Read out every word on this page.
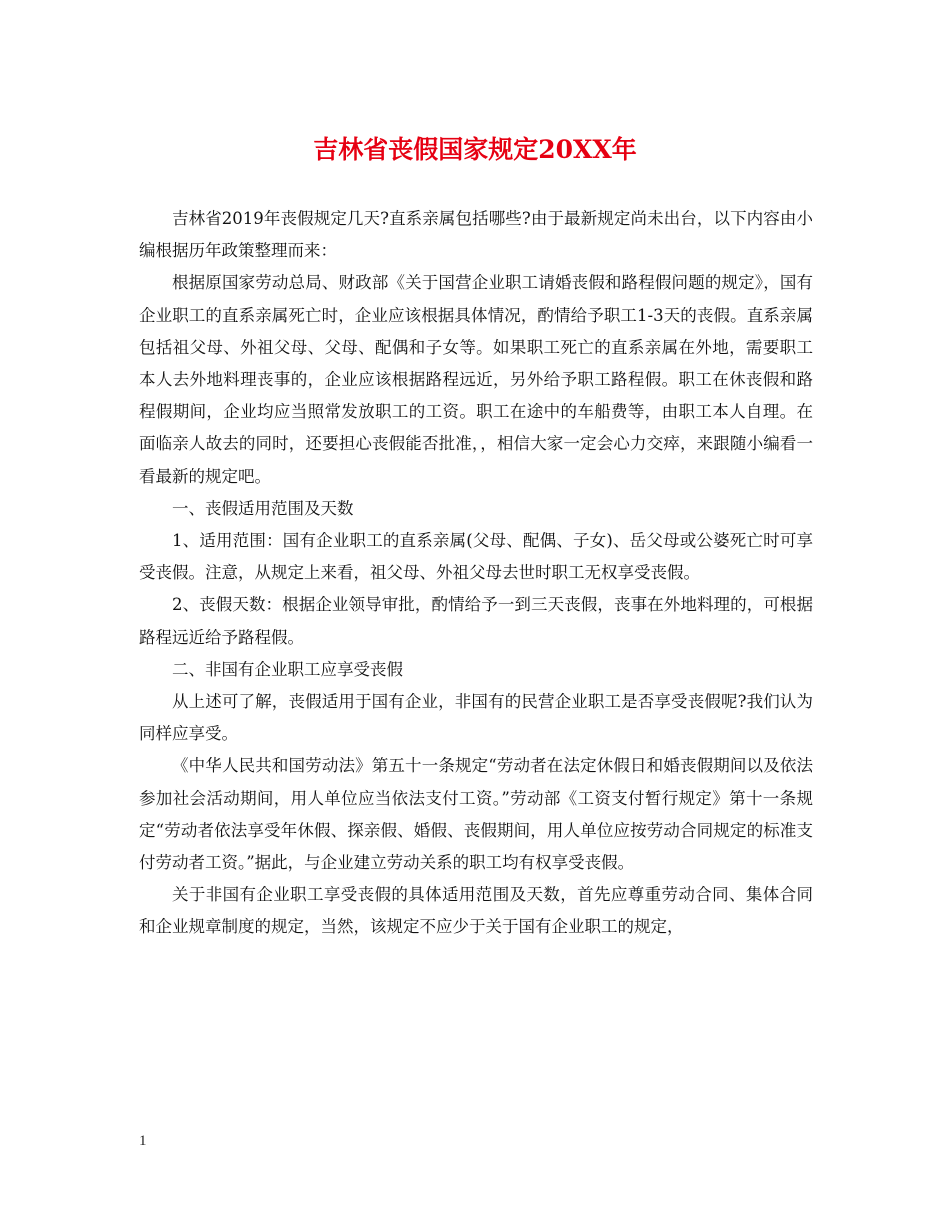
吉林省丧假国家规定20XX年

吉林省2019年丧假规定几天?直系亲属包括哪些?由于最新规定尚未出台，以下内容由小编根据历年政策整理而来：

根据原国家劳动总局、财政部《关于国营企业职工请婚丧假和路程假问题的规定》，国有企业职工的直系亲属死亡时，企业应该根据具体情况，酌情给予职工1-3天的丧假。直系亲属包括祖父母、外祖父母、父母、配偶和子女等。如果职工死亡的直系亲属在外地，需要职工本人去外地料理丧事的，企业应该根据路程远近，另外给予职工路程假。职工在休丧假和路程假期间，企业均应当照常发放职工的工资。职工在途中的车船费等，由职工本人自理。在面临亲人故去的同时，还要担心丧假能否批准，，相信大家一定会心力交瘁，来跟随小编看一看最新的规定吧。

一、丧假适用范围及天数

1、适用范围：国有企业职工的直系亲属(父母、配偶、子女)、岳父母或公婆死亡时可享受丧假。注意，从规定上来看，祖父母、外祖父母去世时职工无权享受丧假。

2、丧假天数：根据企业领导审批，酌情给予一到三天丧假，丧事在外地料理的，可根据路程远近给予路程假。

二、非国有企业职工应享受丧假

从上述可了解，丧假适用于国有企业，非国有的民营企业职工是否享受丧假呢?我们认为同样应享受。

《中华人民共和国劳动法》第五十一条规定“劳动者在法定休假日和婚丧假期间以及依法参加社会活动期间，用人单位应当依法支付工资。”劳动部《工资支付暂行规定》第十一条规定“劳动者依法享受年休假、探亲假、婚假、丧假期间，用人单位应按劳动合同规定的标准支付劳动者工资。”据此，与企业建立劳动关系的职工均有权享受丧假。

关于非国有企业职工享受丧假的具体适用范围及天数，首先应尊重劳动合同、集体合同和企业规章制度的规定，当然，该规定不应少于关于国有企业职工的规定，

1
